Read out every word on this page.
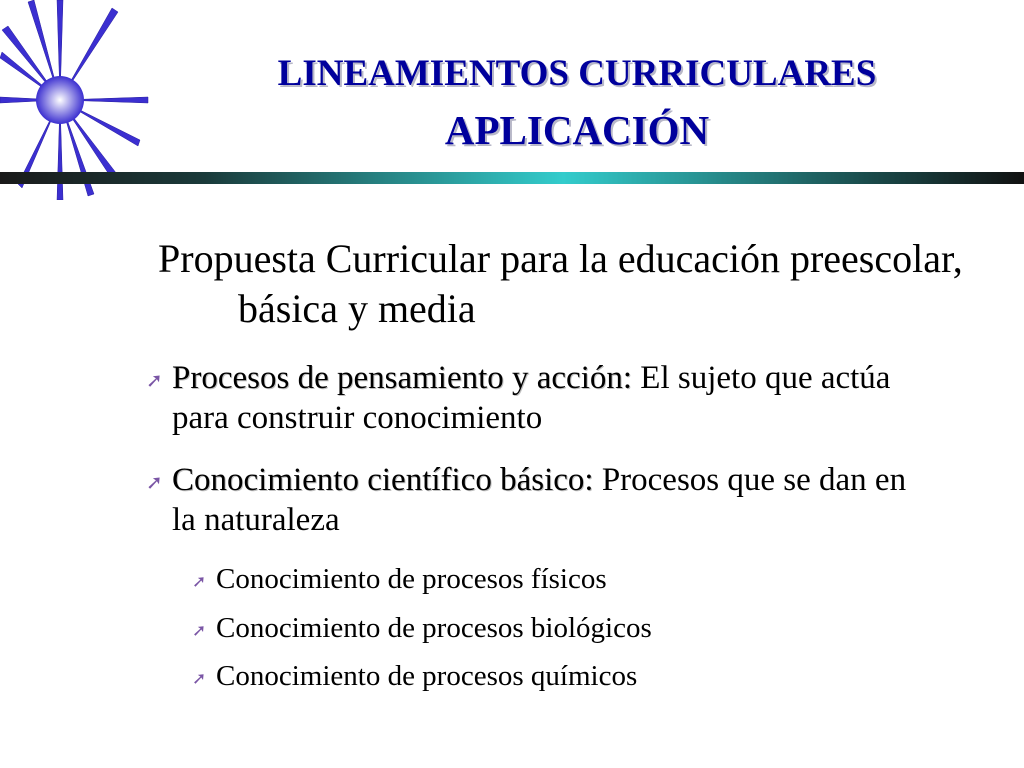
LINEAMIENTOS CURRICULARES
APLICACIÓN
Propuesta Curricular para la educación preescolar, básica y media
➚ Procesos de pensamiento y acción: El sujeto que actúa para construir conocimiento
➚ Conocimiento científico básico: Procesos que se dan en la naturaleza
➚ Conocimiento de procesos físicos
➚ Conocimiento de procesos biológicos
➚ Conocimiento de procesos químicos
